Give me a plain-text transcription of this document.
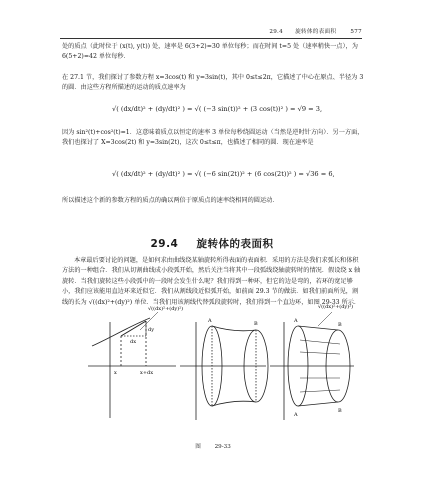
29.4 旋转体的表面积	577
处的质点（此时位于 (x(t), y(t)) 处，速率是 6(3+2)=30 单位每秒；而在时间 t=5 处（速率稍快一点），为 6(5+2)=42 单位每秒．
在 27.1 节，我们探讨了参数方程 x=3cos(t) 和 y=3sin(t)，其中 0≤t≤2π，它描述了中心在原点、半径为 3 的圆．由这些方程所描述的运动的质点速率为
√( (dx/dt)² + (dy/dt)² ) = √( (−3 sin(t))² + (3 cos(t))² ) = √9 = 3,
因为 sin²(t)+cos²(t)=1．这意味着质点以恒定的速率 3 单位每秒绕圆运动（当然是逆时针方向）．另一方面，我们也探讨了 X=3cos(2t) 和 y=3sin(2t)，这次 0≤t≤π，也描述了相同的圆．现在速率是
√( (dx/dt)² + (dy/dt)² ) = √( (−6 sin(2t))² + (6 cos(2t))² ) = √36 = 6,
所以描述这个新的参数方程的质点的确以两倍于原质点的速率绕相同的圆运动．
29.4 旋转体的表面积
本章最后要讨论的问题，是如何求由曲线绕某轴旋转所得表面的表面积．采用的方法是我们求弧长和体积方法的一种组合．我们从切割曲线成小段弧开始，然后关注当将其中一段弧线绕轴旋转时的情况．假设绕 x 轴旋转．当我们旋转这些小段弧中的一段时会发生什么呢？我们得到一种环，但它的边是弯的，若环的宽足够小，我们应该能用直边环来近似它．我们从割线段近似弧开始，如前面 29.3 节的做法．如我们前面所见，割线的长为 √((dx)²+(dy)²) 单位．当我们用该割线代替弧段旋转时，我们得到一个直边环，如图 29-33 所示．
√((dx)²+(dy)²)
dy
dx
x	x+dx
A	B
√((dx)²+(dy)²)
A
B
A
B
图 29-33
